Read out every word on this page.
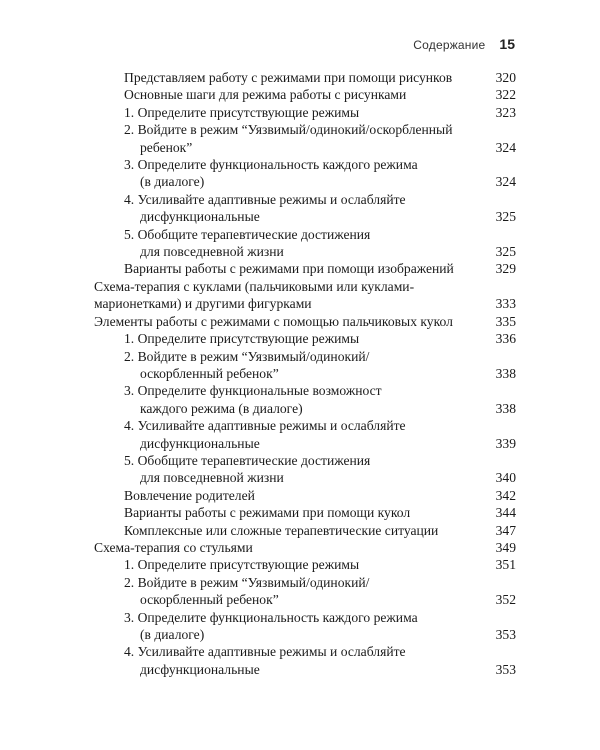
Содержание 15
Представляем работу с режимами при помощи рисунков	320
Основные шаги для режима работы с рисунками	322
1. Определите присутствующие режимы	323
2. Войдите в режим “Уязвимый/одинокий/оскорбленный
ребенок”	324
3. Определите функциональность каждого режима
(в диалоге)	324
4. Усиливайте адаптивные режимы и ослабляйте
дисфункциональные	325
5. Обобщите терапевтические достижения
для повседневной жизни	325
Варианты работы с режимами при помощи изображений	329
Схема-терапия с куклами (пальчиковыми или куклами-
марионетками) и другими фигурками	333
Элементы работы с режимами с помощью пальчиковых кукол	335
1. Определите присутствующие режимы	336
2. Войдите в режим “Уязвимый/одинокий/
оскорбленный ребенок”	338
3. Определите функциональные возможност
каждого режима (в диалоге)	338
4. Усиливайте адаптивные режимы и ослабляйте
дисфункциональные	339
5. Обобщите терапевтические достижения
для повседневной жизни	340
Вовлечение родителей	342
Варианты работы с режимами при помощи кукол	344
Комплексные или сложные терапевтические ситуации	347
Схема-терапия со стульями	349
1. Определите присутствующие режимы	351
2. Войдите в режим “Уязвимый/одинокий/
оскорбленный ребенок”	352
3. Определите функциональность каждого режима
(в диалоге)	353
4. Усиливайте адаптивные режимы и ослабляйте
дисфункциональные	353
